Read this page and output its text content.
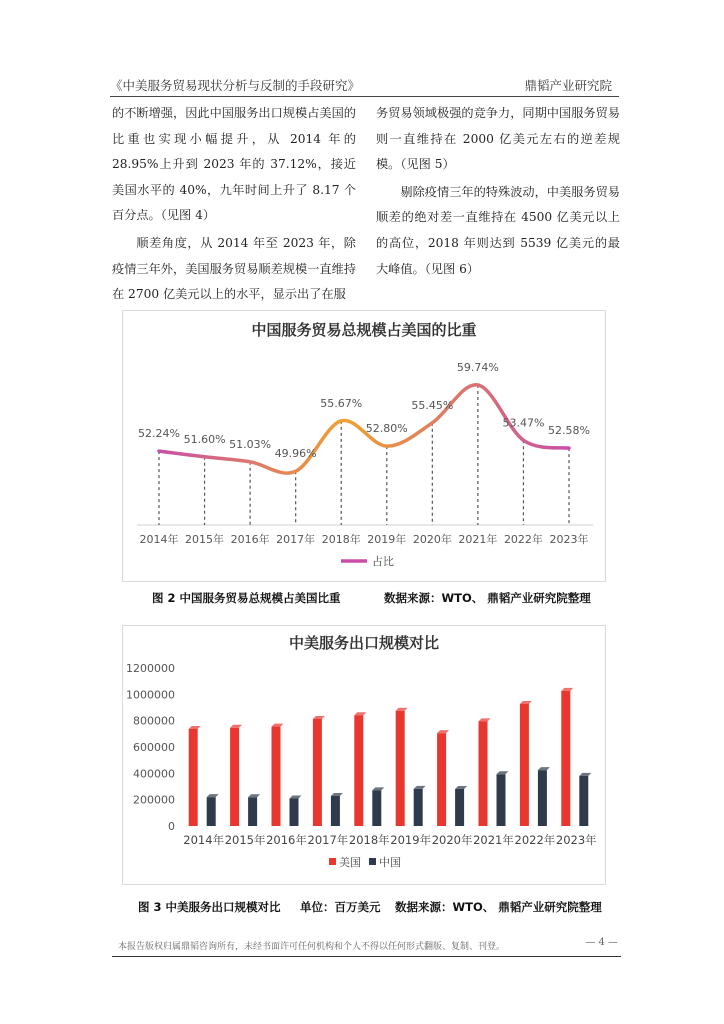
《中美服务贸易现状分析与反制的手段研究》	鼎韬产业研究院

的不断增强，因此中国服务出口规模占美国的比重也实现小幅提升，从 2014 年的 28.95%上升到 2023 年的 37.12%，接近美国水平的 40%，九年时间上升了 8.17 个百分点。（见图 4）

顺差角度，从 2014 年至 2023 年，除疫情三年外，美国服务贸易顺差规模一直维持在 2700 亿美元以上的水平，显示出了在服

务贸易领域极强的竞争力，同期中国服务贸易则一直维持在 2000 亿美元左右的逆差规模。（见图 5）

剔除疫情三年的特殊波动，中美服务贸易顺差的绝对差一直维持在 4500 亿美元以上的高位，2018 年则达到 5539 亿美元的最大峰值。（见图 6）

中国服务贸易总规模占美国的比重
2014年 2015年 2016年 2017年 2018年 2019年 2020年 2021年 2022年 2023年
52.24% 51.60% 51.03%
49.96%
55.67%
52.80%
55.45%
59.74%
53.47%
52.58%
占比
图 2 中国服务贸易总规模占美国比重	数据来源：WTO、 鼎韬产业研究院整理
中美服务出口规模对比
1200000
1000000
800000
600000
400000
200000
0
2014年 2015年 2016年 2017年 2018年 2019年 2020年 2021年 2022年 2023年
美国 中国
图 3 中美服务出口规模对比 单位：百万美元 数据来源：WTO、 鼎韬产业研究院整理
本报告版权归属鼎韬咨询所有，未经书面许可任何机构和个人不得以任何形式翻版、复制、刊登。	— 4 —
